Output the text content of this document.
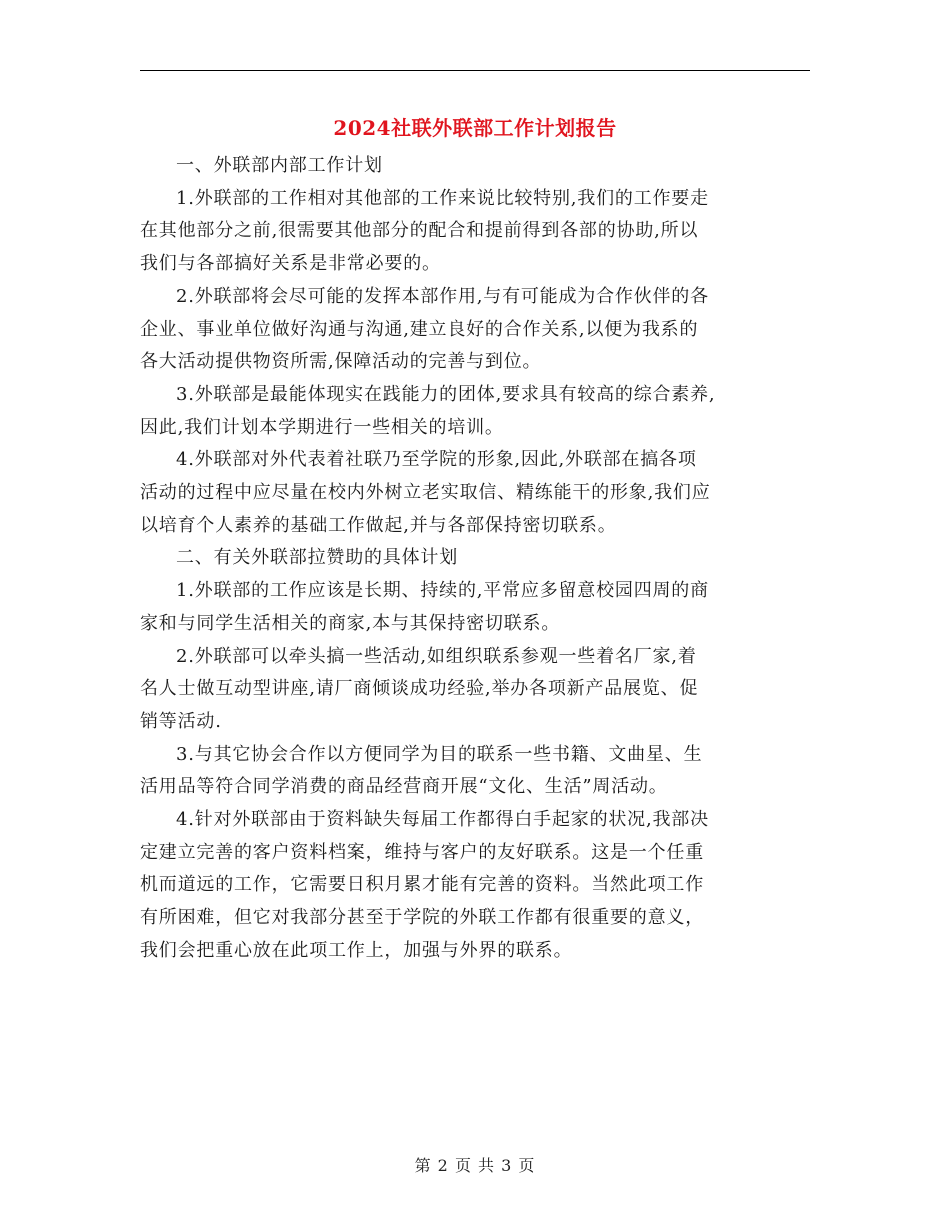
2024社联外联部工作计划报告

一、外联部内部工作计划

1.外联部的工作相对其他部的工作来说比较特别,我们的工作要走
在其他部分之前,很需要其他部分的配合和提前得到各部的协助,所以
我们与各部搞好关系是非常必要的。

2.外联部将会尽可能的发挥本部作用,与有可能成为合作伙伴的各
企业、事业单位做好沟通与沟通,建立良好的合作关系,以便为我系的
各大活动提供物资所需,保障活动的完善与到位。

3.外联部是最能体现实在践能力的团体,要求具有较高的综合素养,
因此,我们计划本学期进行一些相关的培训。

4.外联部对外代表着社联乃至学院的形象,因此,外联部在搞各项
活动的过程中应尽量在校内外树立老实取信、精练能干的形象,我们应
以培育个人素养的基础工作做起,并与各部保持密切联系。

二、有关外联部拉赞助的具体计划

1.外联部的工作应该是长期、持续的,平常应多留意校园四周的商
家和与同学生活相关的商家,本与其保持密切联系。

2.外联部可以牵头搞一些活动,如组织联系参观一些着名厂家,着
名人士做互动型讲座,请厂商倾谈成功经验,举办各项新产品展览、促
销等活动.

3.与其它协会合作以方便同学为目的联系一些书籍、文曲星、生
活用品等符合同学消费的商品经营商开展“文化、生活”周活动。

4.针对外联部由于资料缺失每届工作都得白手起家的状况,我部决
定建立完善的客户资料档案，维持与客户的友好联系。这是一个任重
机而道远的工作，它需要日积月累才能有完善的资料。当然此项工作
有所困难，但它对我部分甚至于学院的外联工作都有很重要的意义，
我们会把重心放在此项工作上，加强与外界的联系。

第 2 页 共 3 页
